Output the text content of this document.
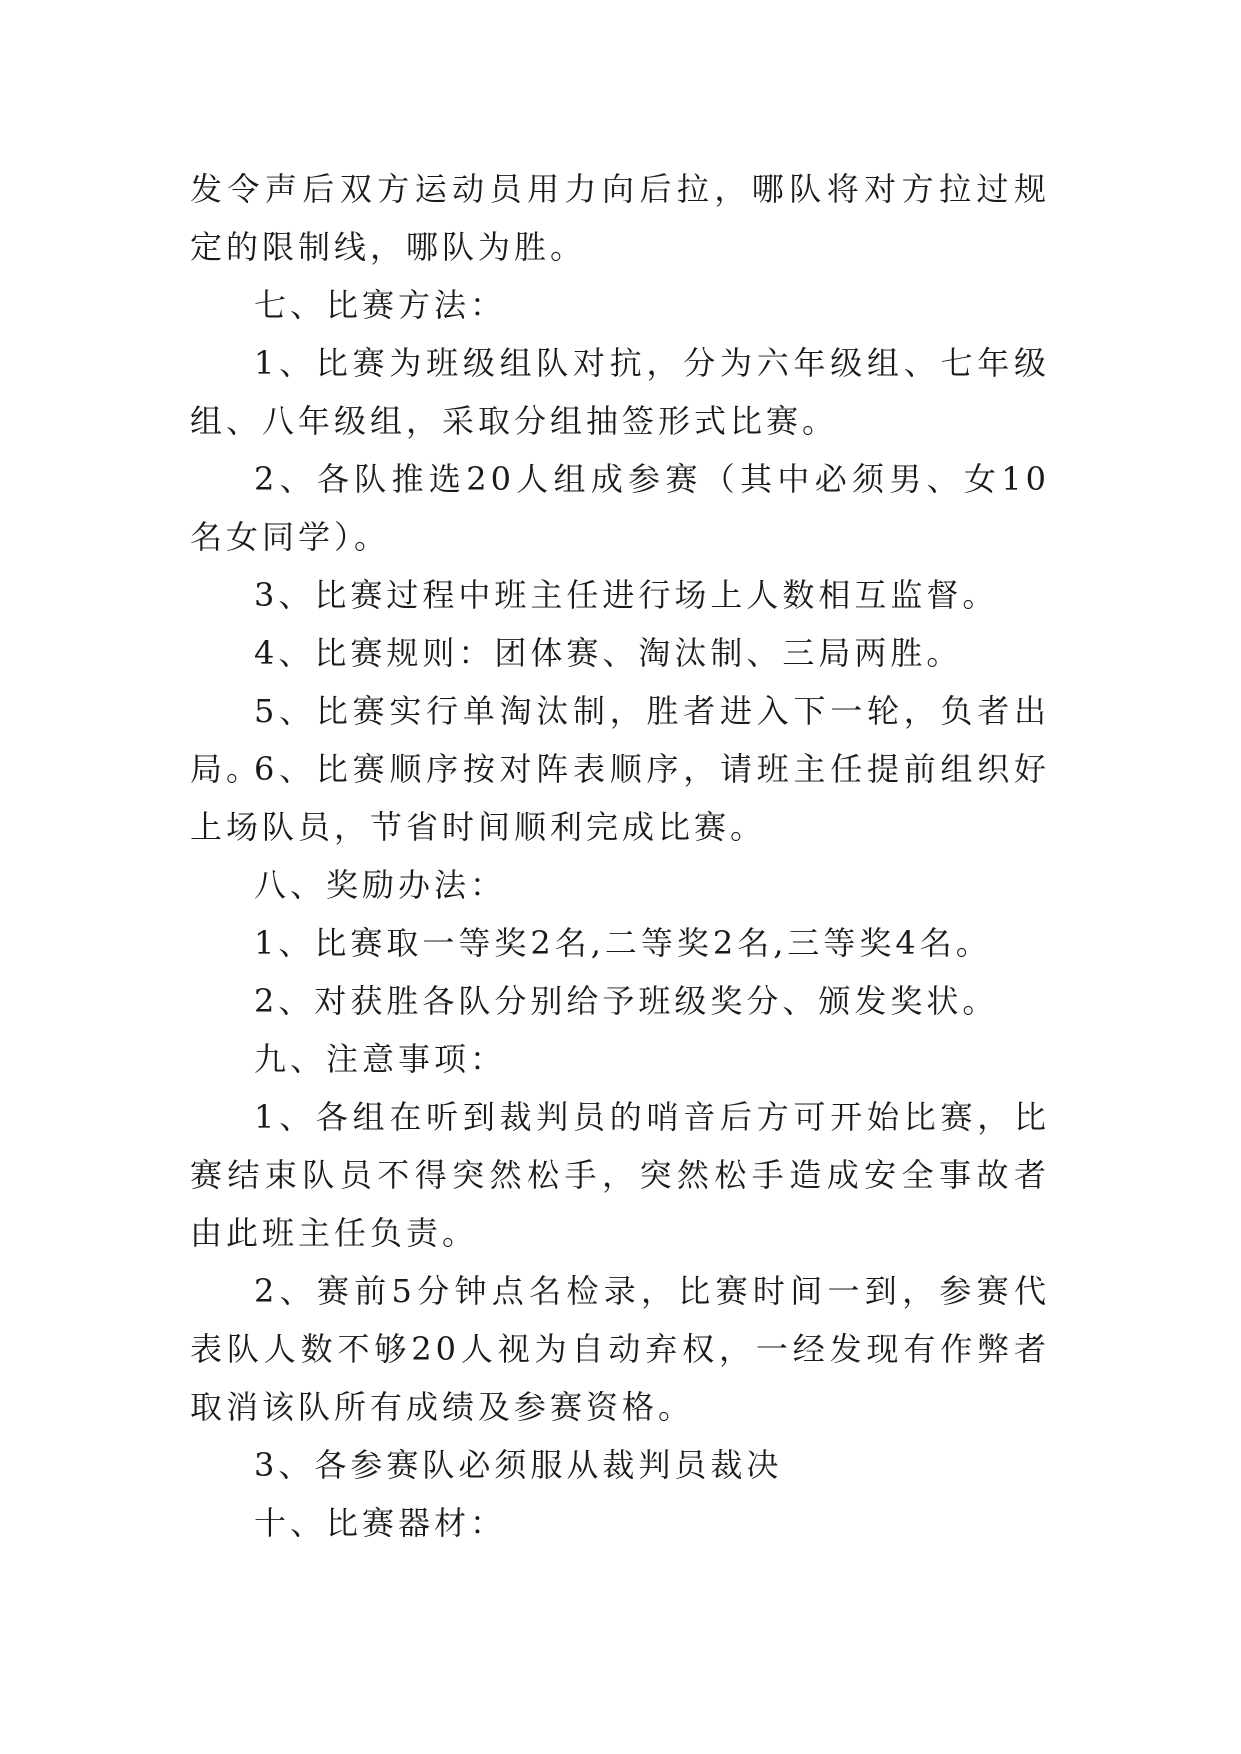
发令声后双方运动员用力向后拉，哪队将对方拉过规定的限制线，哪队为胜。

七、比赛方法：

1、比赛为班级组队对抗，分为六年级组、七年级组、八年级组，采取分组抽签形式比赛。

2、各队推选20人组成参赛（其中必须男、女10名女同学）。

3、比赛过程中班主任进行场上人数相互监督。

4、比赛规则：团体赛、淘汰制、三局两胜。

5、比赛实行单淘汰制，胜者进入下一轮，负者出局。

6、比赛顺序按对阵表顺序，请班主任提前组织好上场队员，节省时间顺利完成比赛。

八、奖励办法：

1、比赛取一等奖2名,二等奖2名,三等奖4名。

2、对获胜各队分别给予班级奖分、颁发奖状。

九、注意事项：

1、各组在听到裁判员的哨音后方可开始比赛，比赛结束队员不得突然松手，突然松手造成安全事故者由此班主任负责。

2、赛前5分钟点名检录，比赛时间一到，参赛代表队人数不够20人视为自动弃权，一经发现有作弊者取消该队所有成绩及参赛资格。

3、各参赛队必须服从裁判员裁决

十、比赛器材：
